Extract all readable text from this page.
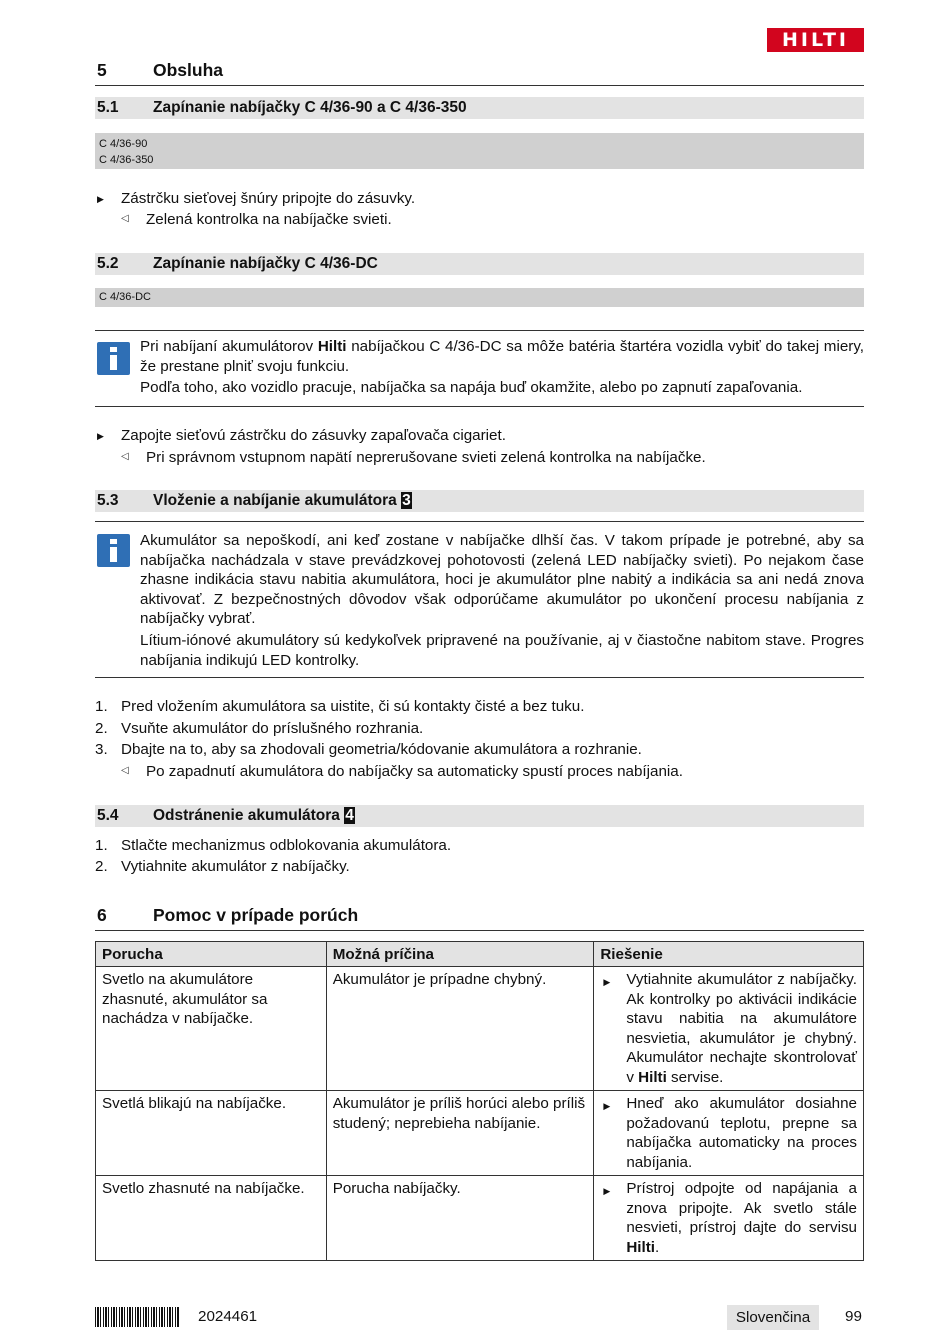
HILTI
5	Obsluha
5.1 Zapínanie nabíjačky C 4/36-90 a C 4/36-350
C 4/36-90
C 4/36-350
▶ Zástrčku sieťovej šnúry pripojte do zásuvky.
◁ Zelená kontrolka na nabíjačke svieti.
5.2 Zapínanie nabíjačky C 4/36-DC
C 4/36-DC

Pri nabíjaní akumulátorov Hilti nabíjačkou C 4/36-DC sa môže batéria štartéra vozidla vybiť do takej miery, že prestane plniť svoju funkciu.

Podľa toho, ako vozidlo pracuje, nabíjačka sa napája buď okamžite, alebo po zapnutí zapaľovania.

▶ Zapojte sieťovú zástrčku do zásuvky zapaľovača cigariet.
◁ Pri správnom vstupnom napätí neprerušovane svieti zelená kontrolka na nabíjačke.
5.3 Vloženie a nabíjanie akumulátora 3

Akumulátor sa nepoškodí, ani keď zostane v nabíjačke dlhší čas. V takom prípade je potrebné, aby sa nabíjačka nachádzala v stave prevádzkovej pohotovosti (zelená LED nabíjačky svieti). Po nejakom čase zhasne indikácia stavu nabitia akumulátora, hoci je akumulátor plne nabitý a indikácia sa ani nedá znova aktivovať. Z bezpečnostných dôvodov však odporúčame akumulátor po ukončení procesu nabíjania z nabíjačky vybrať.

Lítium-iónové akumulátory sú kedykoľvek pripravené na používanie, aj v čiastočne nabitom stave. Progres nabíjania indikujú LED kontrolky.

1. Pred vložením akumulátora sa uistite, či sú kontakty čisté a bez tuku.
2. Vsuňte akumulátor do príslušného rozhrania.
3. Dbajte na to, aby sa zhodovali geometria/kódovanie akumulátora a rozhranie.
◁ Po zapadnutí akumulátora do nabíjačky sa automaticky spustí proces nabíjania.
5.4 Odstránenie akumulátora 4
1. Stlačte mechanizmus odblokovania akumulátora.
2. Vytiahnite akumulátor z nabíjačky.
6	Pomoc v prípade porúch
Porucha	Možná príčina	Riešenie
Svetlo na akumulátore zhasnuté, akumulátor sa nachádza v nabíjačke.	Akumulátor je prípadne chybný.	▶ Vytiahnite akumulátor z nabíjačky. Ak kontrolky po aktivácii indikácie stavu nabitia na akumulátore nesvietia, akumulátor je chybný. Akumulátor nechajte skontrolovať v Hilti servise.
Svetlá blikajú na nabíjačke.	Akumulátor je príliš horúci alebo príliš studený; neprebieha nabíjanie.	▶ Hneď ako akumulátor dosiahne požadovanú teplotu, prepne sa nabíjačka automaticky na proces nabíjania.
Svetlo zhasnuté na nabíjačke.	Porucha nabíjačky.	▶ Prístroj odpojte od napájania a znova pripojte. Ak svetlo stále nesvieti, prístroj dajte do servisu Hilti.
2024461	Slovenčina	99
